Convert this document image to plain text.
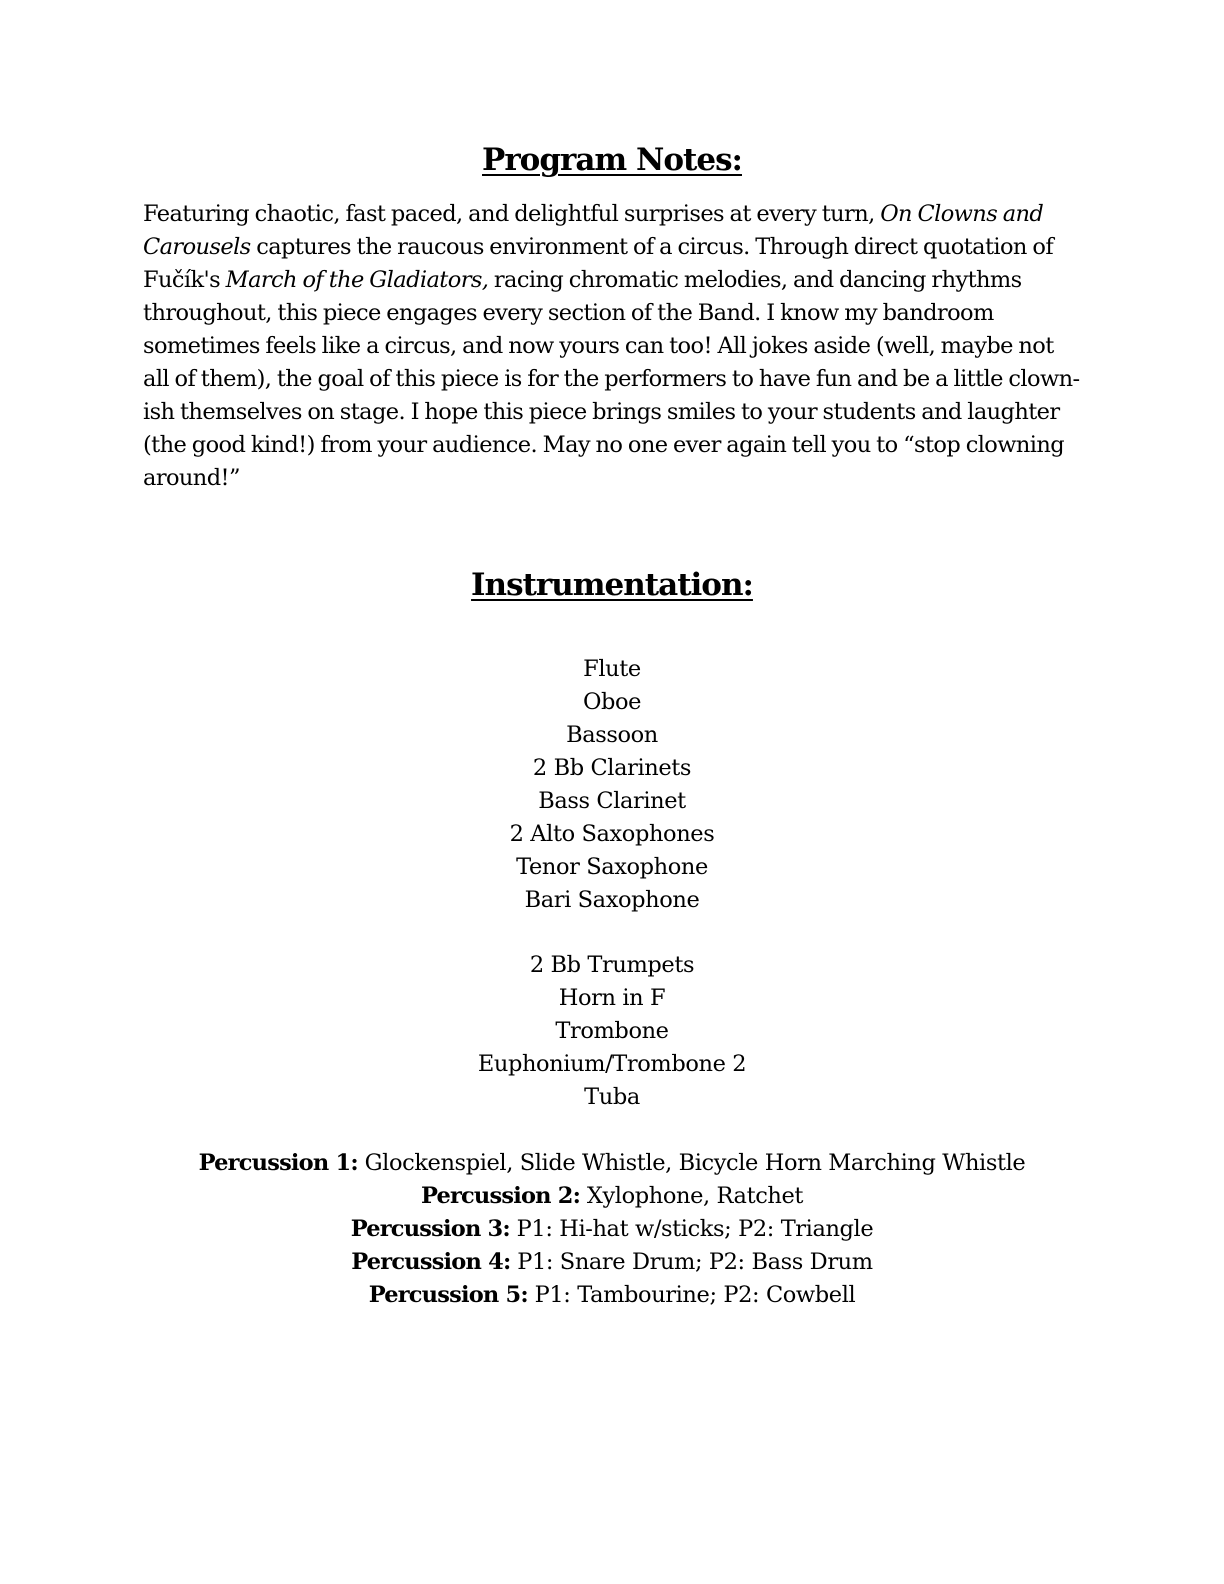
Program Notes:

Featuring chaotic, fast paced, and delightful surprises at every turn, On Clowns and Carousels captures the raucous environment of a circus. Through direct quotation of Fučík's March of the Gladiators, racing chromatic melodies, and dancing rhythms throughout, this piece engages every section of the Band. I know my bandroom sometimes feels like a circus, and now yours can too! All jokes aside (well, maybe not all of them), the goal of this piece is for the performers to have fun and be a little clown-ish themselves on stage. I hope this piece brings smiles to your students and laughter (the good kind!) from your audience. May no one ever again tell you to “stop clowning around!”

Instrumentation:
Flute
Oboe
Bassoon
2 Bb Clarinets
Bass Clarinet
2 Alto Saxophones
Tenor Saxophone
Bari Saxophone
2 Bb Trumpets
Horn in F
Trombone
Euphonium/Trombone 2
Tuba
Percussion 1: Glockenspiel, Slide Whistle, Bicycle Horn Marching Whistle
Percussion 2: Xylophone, Ratchet
Percussion 3: P1: Hi-hat w/sticks; P2: Triangle
Percussion 4: P1: Snare Drum; P2: Bass Drum
Percussion 5: P1: Tambourine; P2: Cowbell
